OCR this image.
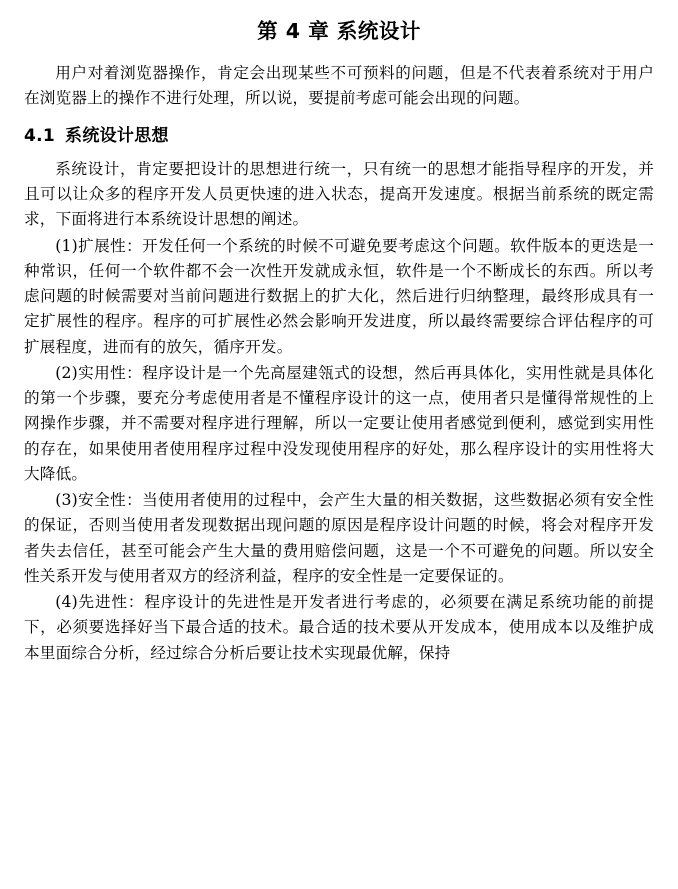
第 4 章 系统设计

用户对着浏览器操作，肯定会出现某些不可预料的问题，但是不代表着系统对于用户在浏览器上的操作不进行处理，所以说，要提前考虑可能会出现的问题。

4.1 系统设计思想

系统设计，肯定要把设计的思想进行统一，只有统一的思想才能指导程序的开发，并且可以让众多的程序开发人员更快速的进入状态，提高开发速度。根据当前系统的既定需求，下面将进行本系统设计思想的阐述。

(1)扩展性：开发任何一个系统的时候不可避免要考虑这个问题。软件版本的更迭是一种常识，任何一个软件都不会一次性开发就成永恒，软件是一个不断成长的东西。所以考虑问题的时候需要对当前问题进行数据上的扩大化，然后进行归纳整理，最终形成具有一定扩展性的程序。程序的可扩展性必然会影响开发进度，所以最终需要综合评估程序的可扩展程度，进而有的放矢，循序开发。

(2)实用性：程序设计是一个先高屋建瓴式的设想，然后再具体化，实用性就是具体化的第一个步骤，要充分考虑使用者是不懂程序设计的这一点，使用者只是懂得常规性的上网操作步骤，并不需要对程序进行理解，所以一定要让使用者感觉到便利，感觉到实用性的存在，如果使用者使用程序过程中没发现使用程序的好处，那么程序设计的实用性将大大降低。

(3)安全性：当使用者使用的过程中，会产生大量的相关数据，这些数据必须有安全性的保证，否则当使用者发现数据出现问题的原因是程序设计问题的时候，将会对程序开发者失去信任，甚至可能会产生大量的费用赔偿问题，这是一个不可避免的问题。所以安全性关系开发与使用者双方的经济利益，程序的安全性是一定要保证的。

(4)先进性：程序设计的先进性是开发者进行考虑的，必须要在满足系统功能的前提下，必须要选择好当下最合适的技术。最合适的技术要从开发成本，使用成本以及维护成本里面综合分析，经过综合分析后要让技术实现最优解，保持
